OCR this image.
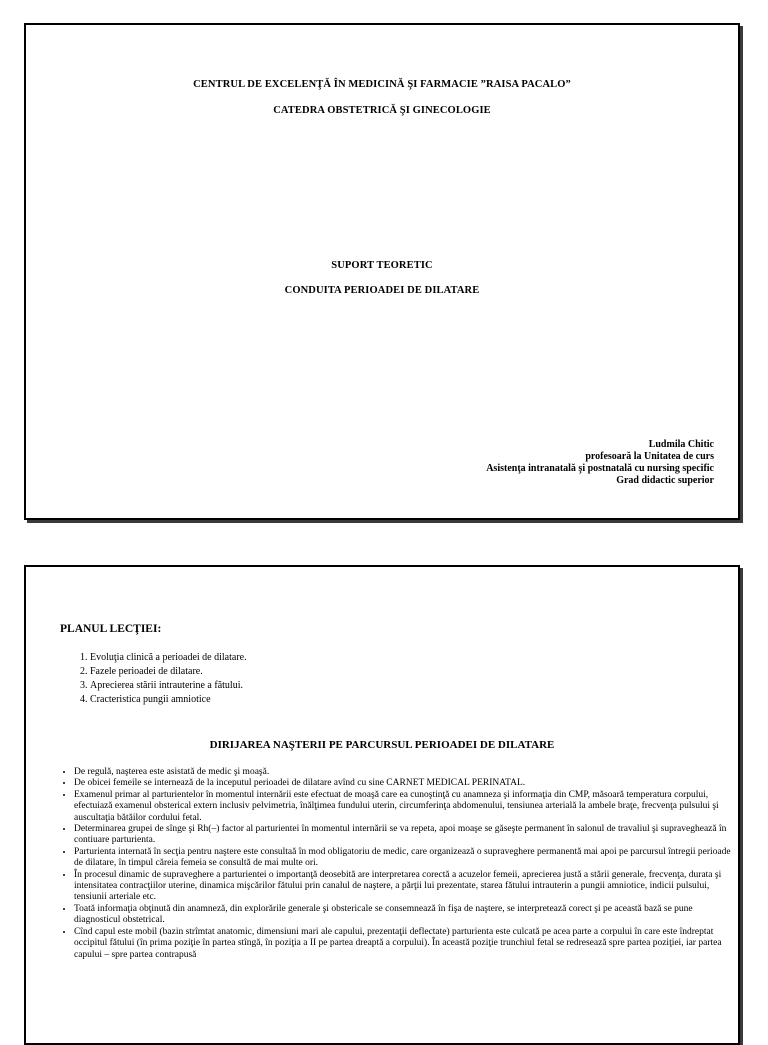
CENTRUL DE EXCELENŢĂ ÎN MEDICINĂ ŞI FARMACIE ”RAISA PACALO”
CATEDRA OBSTETRICĂ ŞI GINECOLOGIE
SUPORT TEORETIC
CONDUITA PERIOADEI DE DILATARE
Ludmila Chitic
profesoară la Unitatea de curs
Asistenţa intranatală şi postnatală cu nursing specific
Grad didactic superior
PLANUL LECŢIEI:
1. Evoluţia clinică a perioadei de dilatare.
2. Fazele perioadei de dilatare.
3. Aprecierea stării intrauterine a fătului.
4. Cracteristica pungii amniotice
DIRIJAREA NAŞTERII PE PARCURSUL PERIOADEI DE DILATARE
• De regulă, naşterea este asistată de medic şi moaşă.
• De obicei femeile se internează de la inceputul perioadei de dilatare avînd cu sine CARNET MEDICAL PERINATAL.
• Examenul primar al parturientelor în momentul internării este efectuat de moaşă care ea cunoştinţă cu anamneza şi informaţia din CMP, măsoară temperatura corpului, efectuiază examenul obsterical extern inclusiv pelvimetria, înălţimea fundului uterin, circumferinţa abdomenului, tensiunea arterială la ambele braţe, frecvenţa pulsului şi auscultaţia bătăilor cordului fetal.
• Determinarea grupei de sînge şi Rh(–) factor al parturientei în momentul internării se va repeta, apoi moaşe se găseşte permanent în salonul de travaliul şi supraveghează în contiuare parturienta.
• Parturienta internată în secţia pentru naştere este consultaă în mod obligatoriu de medic, care organizează o supraveghere permanentă mai apoi pe parcursul întregii perioade de dilatare, în timpul căreia femeia se consultă de mai multe ori.
• În procesul dinamic de supraveghere a parturientei o importanţă deosebită are interpretarea corectă a acuzelor femeii, aprecierea justă a stării generale, frecvenţa, durata şi intensitatea contracţiilor uterine, dinamica mişcărilor fătului prin canalul de naştere, a părţii lui prezentate, starea fătului intrauterin a pungii amniotice, indicii pulsului, tensiunii arteriale etc.
• Toată informaţia obţinută din anamneză, din explorările generale şi obstericale se consemnează în fişa de naştere, se interpretează corect şi pe această bază se pune diagnosticul obstetrical.
• Cînd capul este mobil (bazin strîmtat anatomic, dimensiuni mari ale capului, prezentaţii deflectate) parturienta este culcată pe acea parte a corpului în care este îndreptat occipitul fătului (în prima poziţie în partea stîngă, în poziţia a II pe partea dreaptă a corpului). În această poziţie trunchiul fetal se redresează spre partea poziţiei, iar partea capului – spre partea contrapusă
